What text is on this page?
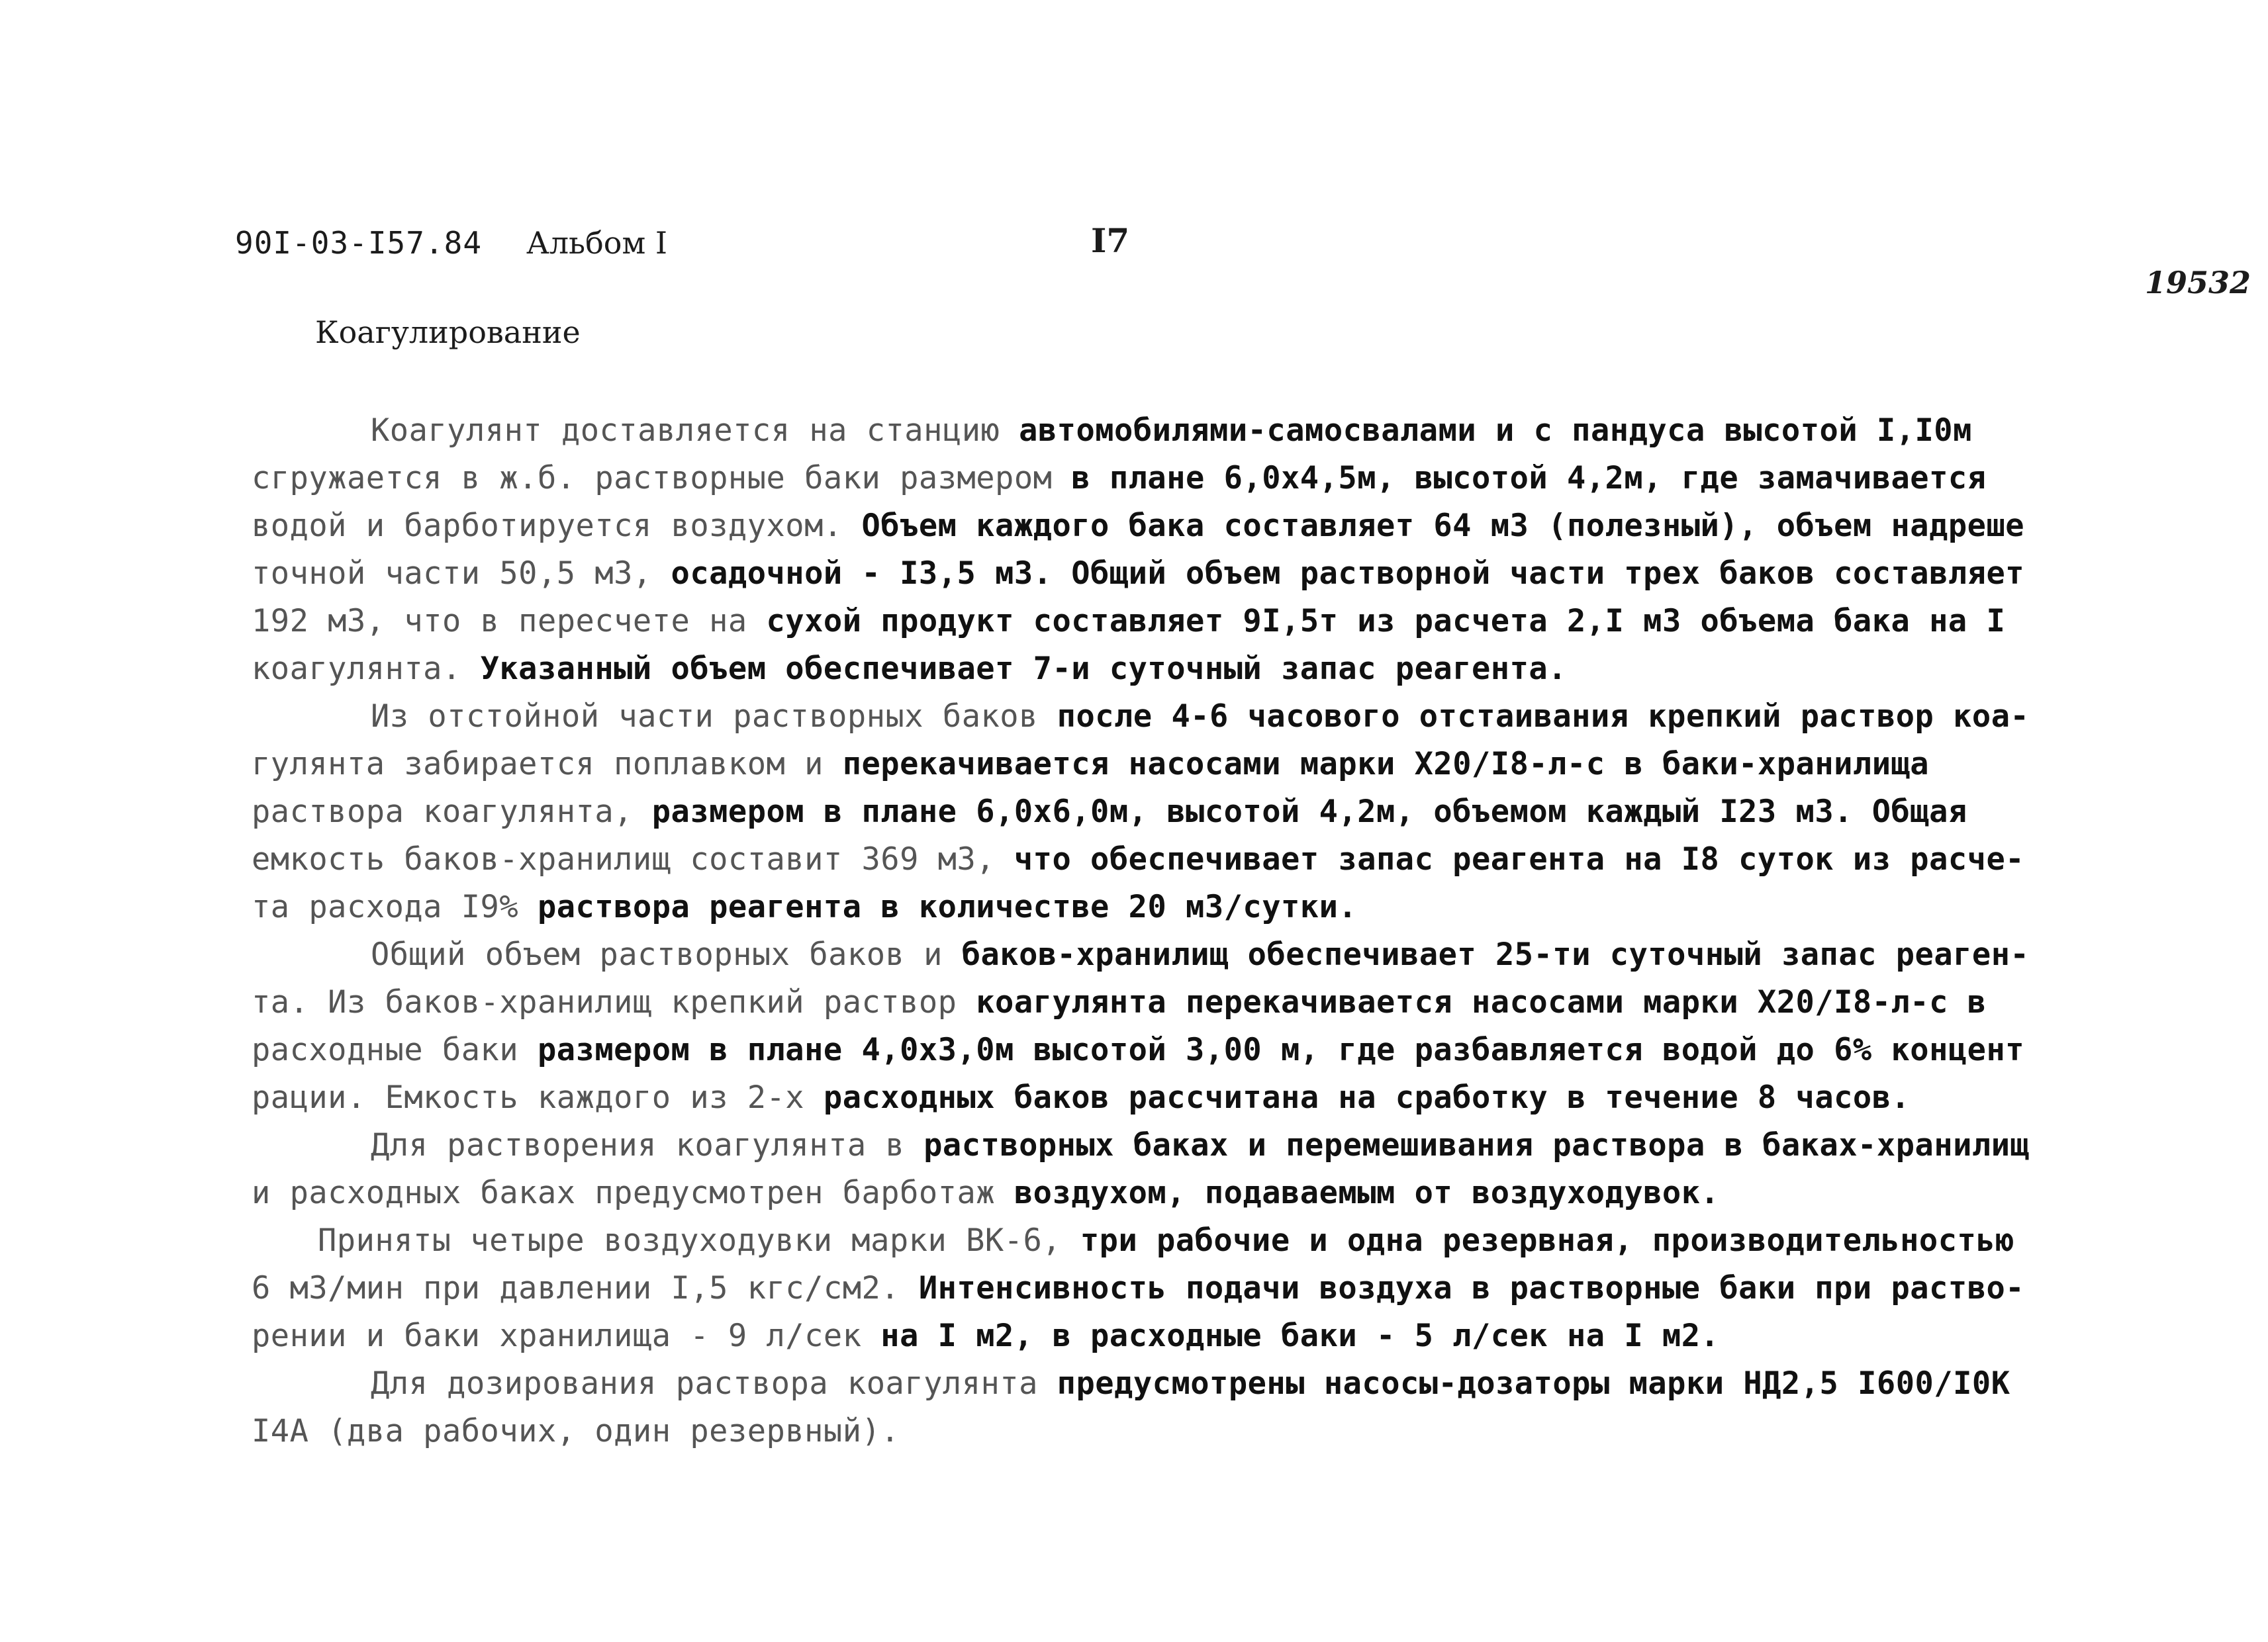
90I-03-I57.84 Альбом I	I7
19532
Коагулирование
Коагулянт доставляется на станцию автомобилями-самосвалами и с пандуса высотой I,I0м
сгружается в ж.б. растворные баки размером в плане 6,0х4,5м, высотой 4,2м, где замачивается
водой и барботируется воздухом. Объем каждого бака составляет 64 м3 (полезный), объем надреше
точной части 50,5 м3, осадочной - I3,5 м3. Общий объем растворной части трех баков составляет
192 м3, что в пересчете на сухой продукт составляет 9I,5т из расчета 2,I м3 объема бака на I
коагулянта. Указанный объем обеспечивает 7-и суточный запас реагента.
Из отстойной части растворных баков после 4-6 часового отстаивания крепкий раствор коа-
гулянта забирается поплавком и перекачивается насосами марки Х20/I8-л-с в баки-хранилища
раствора коагулянта, размером в плане 6,0х6,0м, высотой 4,2м, объемом каждый I23 м3. Общая
емкость баков-хранилищ составит 369 м3, что обеспечивает запас реагента на I8 суток из расче-
та расхода I9% раствора реагента в количестве 20 м3/сутки.
Общий объем растворных баков и баков-хранилищ обеспечивает 25-ти суточный запас реаген-
та. Из баков-хранилищ крепкий раствор коагулянта перекачивается насосами марки Х20/I8-л-с в
расходные баки размером в плане 4,0х3,0м высотой 3,00 м, где разбавляется водой до 6% концент
рации. Емкость каждого из 2-х расходных баков рассчитана на сработку в течение 8 часов.
Для растворения коагулянта в растворных баках и перемешивания раствора в баках-хранилищ
и расходных баках предусмотрен барботаж воздухом, подаваемым от воздуходувок.
Приняты четыре воздуходувки марки ВК-6, три рабочие и одна резервная, производительностью
6 м3/мин при давлении I,5 кгс/см2. Интенсивность подачи воздуха в растворные баки при раство-
рении и баки хранилища - 9 л/сек на I м2, в расходные баки - 5 л/сек на I м2.
Для дозирования раствора коагулянта предусмотрены насосы-дозаторы марки НД2,5 I600/I0К
I4А (два рабочих, один резервный).
